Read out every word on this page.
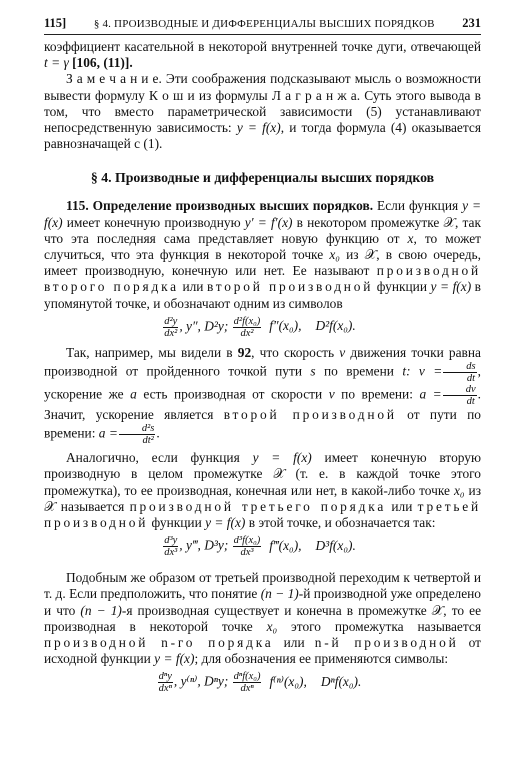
115]	§ 4. ПРОИЗВОДНЫЕ И ДИФФЕРЕНЦИАЛЫ ВЫСШИХ ПОРЯДКОВ 231

коэффициент касательной в некоторой внутренней точке дуги, отвечающей t = γ [106, (11)].

З а м е ч а н и е. Эти соображения подсказывают мысль о возможности вывести формулу К о ш и из формулы Л а г р а н ж а. Суть этого вывода в том, что вместо параметрической зависимости (5) устанавливают непосредственную зависимость: y = f(x), и тогда формула (4) оказывается равнозначащей с (1).

§ 4. Производные и дифференциалы высших порядков

115. Определение производных высших порядков. Если функция y = f(x) имеет конечную производную y′ = f′(x) в некотором промежутке 𝒳, так что эта последняя сама представляет новую функцию от x, то может случиться, что эта функция в некоторой точке x₀ из 𝒳, в свою очередь, имеет производную, конечную или нет. Ее называют производной второго порядка или второй производной функции y = f(x) в упомянутой точке, и обозначают одним из символов

$\frac{\text{d²y}}{\text{dx²}}$ , y″, D²y; $\frac{\text{d²f(x₀)}}{\text{dx²}} f''(x_0)$, D²f(x₀).

Так, например, мы видели в 92, что скорость v движения точки равна производной от пройденного точкой пути s по времени t: $v = \frac{ds}{dt}$ , ускорение же a есть производная от скорости v по времени: $a = \frac{dv}{dt}$ . Значит, ускорение является второй производной от пути по времени: $a = \frac{\text{d²s}}{\text{dt²}}$ .

Аналогично, если функция y = f(x) имеет конечную вторую производную в целом промежутке 𝒳 (т. е. в каждой точке этого промежутка), то ее производная, конечная или нет, в какой-либо точке x₀ из 𝒳 называется производной третьего порядка или третьей производной функции y = f(x) в этой точке, и обозначается так:

$\frac{\text{d³y}}{\text{dx³}}$ , y‴, D³y; $\frac{\text{d³f(x₀)}}{\text{dx³}}$ f‴(x₀), D³f(x₀).

Подобным же образом от третьей производной переходим к четвертой и т. д. Если предположить, что понятие (n − 1)-й производной уже определено и что (n − 1)-я производная существует и конечна в промежутке 𝒳, то ее производная в некоторой точке x₀ этого промежутка называется производной n-го порядка или n-й производной от исходной функции y = f(x); для обозначения ее применяются символы:

$\frac{\text{dⁿy}}{\text{dxⁿ}}$ , y⁽ⁿ⁾, Dⁿy; $\frac{\text{dⁿf(x₀)}}{\text{dxⁿ}} f^{(n)}(x_0)$, Dⁿf(x₀).
